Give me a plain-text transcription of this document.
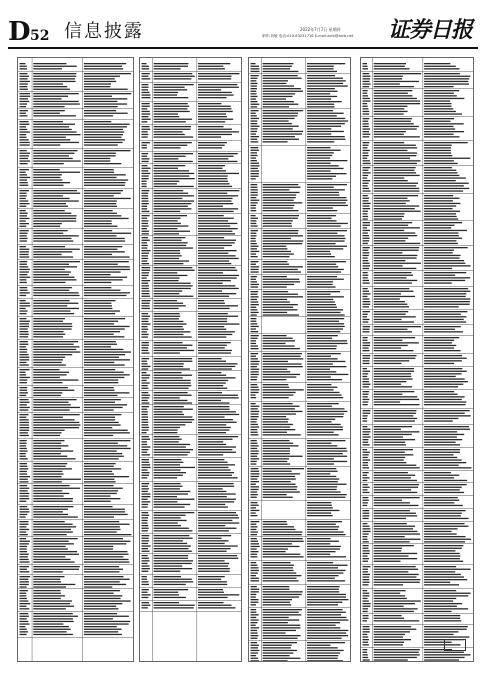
D 52 信息披露	2022年7月7日 星期四
制作:刘敏 电话:010-83251716 E-mail:zzrb@zqrb.net 证券日报
